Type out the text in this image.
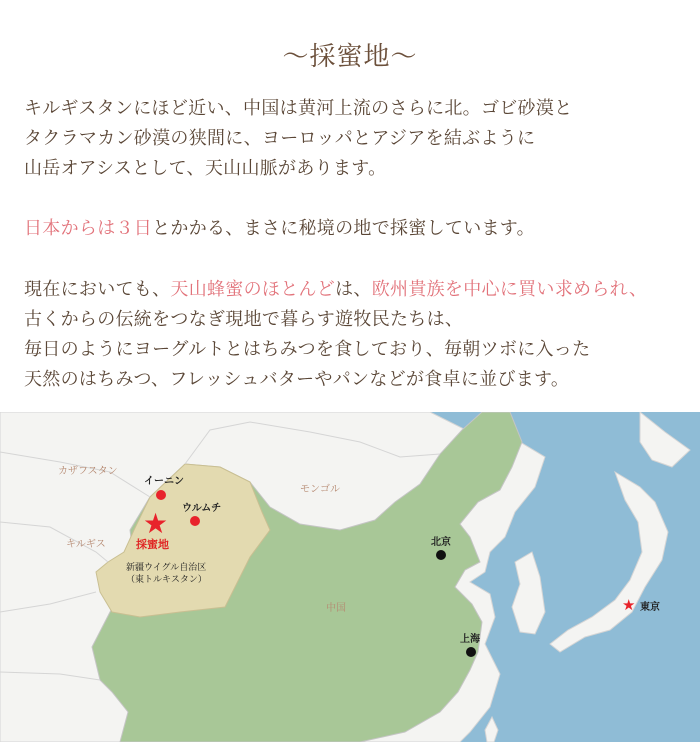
～採蜜地～
キルギスタンにほど近い、中国は黄河上流のさらに北。ゴビ砂漠と
タクラマカン砂漠の狭間に、ヨーロッパとアジアを結ぶように
山岳オアシスとして、天山山脈があります。
日本からは３日とかかる、まさに秘境の地で採蜜しています。
現在においても、天山蜂蜜のほとんどは、欧州貴族を中心に買い求められ、
古くからの伝統をつなぎ現地で暮らす遊牧民たちは、
毎日のようにヨーグルトとはちみつを食しており、毎朝ツボに入った
天然のはちみつ、フレッシュバターやパンなどが食卓に並びます。
カザフスタン
モンゴル
キルギス
中国
イーニン
ウルムチ
★
採蜜地
新疆ウイグル自治区
（東トルキスタン）
北京
上海
★ 東京
